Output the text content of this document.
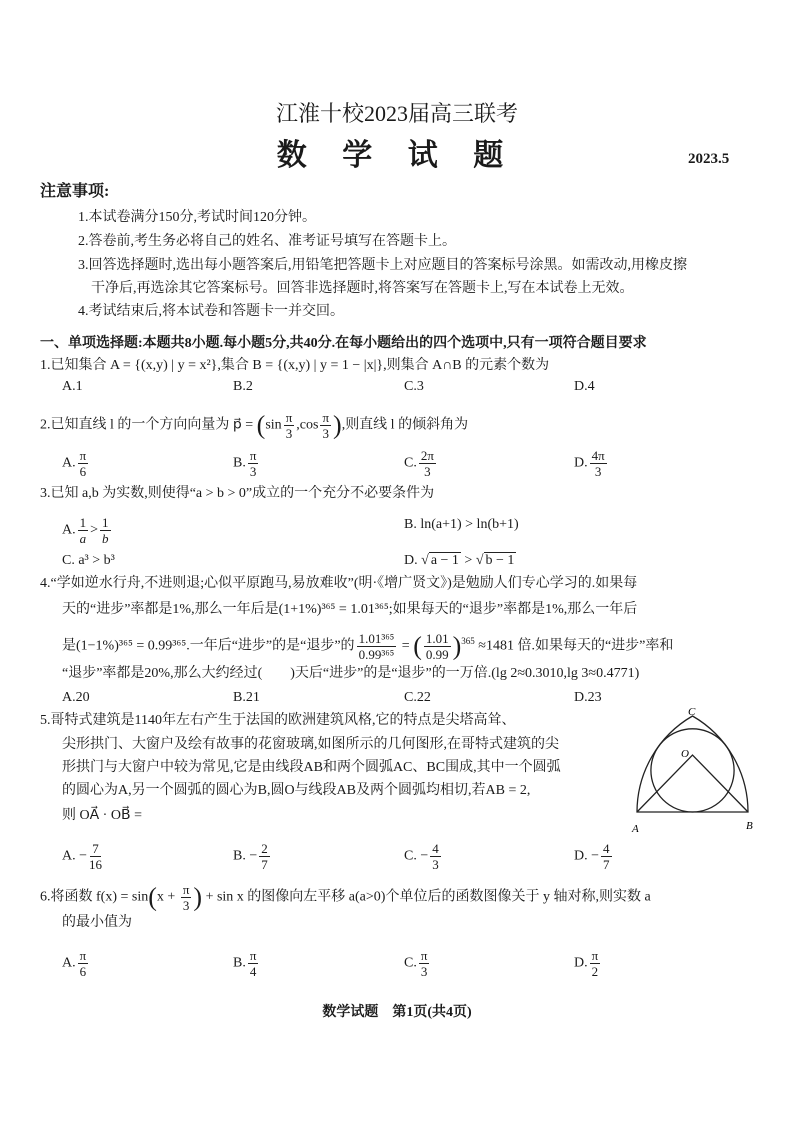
江淮十校2023届高三联考
数 学 试 题	2023.5
注意事项:
1.本试卷满分150分,考试时间120分钟。
2.答卷前,考生务必将自己的姓名、准考证号填写在答题卡上。
3.回答选择题时,选出每小题答案后,用铅笔把答题卡上对应题目的答案标号涂黑。如需改动,用橡皮擦
干净后,再选涂其它答案标号。回答非选择题时,将答案写在答题卡上,写在本试卷上无效。
4.考试结束后,将本试卷和答题卡一并交回。
一、单项选择题:本题共8小题.每小题5分,共40分.在每小题给出的四个选项中,只有一项符合题目要求
1.已知集合 A = {(x,y) | y = x²},集合 B = {(x,y) | y = 1 − |x|},则集合 A∩B 的元素个数为
A.1	B.2	C.3	D.4
2.已知直线 l 的一个方向向量为 p⃗ = ($\sin \frac{\pi}{3} ,\cos \frac{\pi}{3}$ ),则直线 l 的倾斜角为
A. $\frac{\pi}{6}$	B. $\frac{\pi}{3}$	C. $\frac{2\pi}{3}$	D. $\frac{4\pi}{3}$
3.已知 a,b 为实数,则使得“a > b > 0”成立的一个充分不必要条件为
A. $\frac{1}{a} > \frac{1}{b}$	B. ln(a+1) > ln(b+1)
C. a³ > b³	D. √ a − 1 > √ b − 1
4.“学如逆水行舟,不进则退;心似平原跑马,易放难收”(明·《增广贤文》)是勉励人们专心学习的.如果每
天的“进步”率都是1%,那么一年后是(1+1%)³⁶⁵ = 1.01³⁶⁵;如果每天的“退步”率都是1%,那么一年后
是(1−1%)³⁶⁵ = 0.99³⁶⁵.一年后“进步”的是“退步”的 $\frac{\text{1.01³⁶⁵}}{\text{0.99³⁶⁵}}$ = ( $\frac{1.01}{0.99} )^{365} \approx 1481$ 倍.如果每天的“进步”率和
“退步”率都是20%,那么大约经过(　　)天后“进步”的是“退步”的一万倍.(lg 2≈0.3010,lg 3≈0.4771)
A.20	B.21	C.22	D.23
5.哥特式建筑是1140年左右产生于法国的欧洲建筑风格,它的特点是尖塔高耸、
尖形拱门、大窗户及绘有故事的花窗玻璃,如图所示的几何图形,在哥特式建筑的尖
形拱门与大窗户中较为常见,它是由线段AB和两个圆弧AC、BC围成,其中一个圆弧
的圆心为A,另一个圆弧的圆心为B,圆O与线段AB及两个圆弧均相切,若AB = 2,
则 OA⃗ · OB⃗ =
C
O
A	B
A. − $\frac{7}{16}$	B. − $\frac{2}{7}$	C. − $\frac{4}{3}$	D. − $\frac{4}{7}$
6.将函数 $f(x) = \sin(x + \frac{\pi}{3}$ ) + sin x 的图像向左平移 a(a>0)个单位后的函数图像关于 y 轴对称,则实数 a
的最小值为
A. $\frac{\pi}{6}$	B. $\frac{\pi}{4}$	C. $\frac{\pi}{3}$	D. $\frac{\pi}{2}$
数学试题　第1页(共4页)
